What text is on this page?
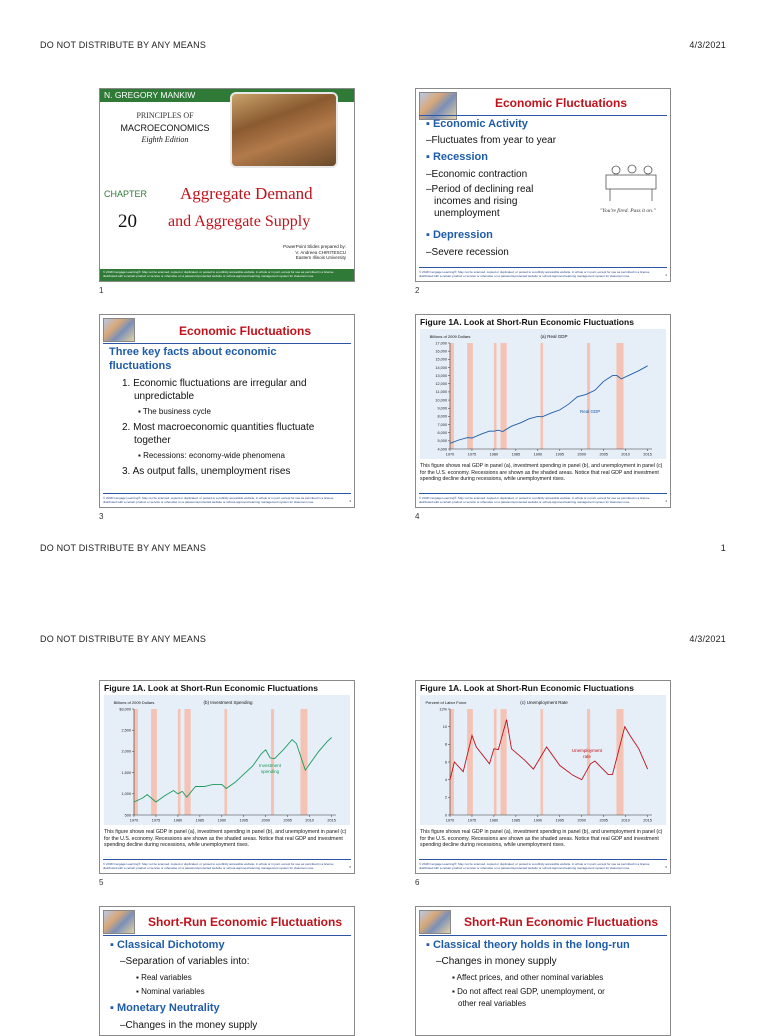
DO NOT DISTRIBUTE BY ANY MEANS	4/3/2021
DO NOT DISTRIBUTE BY ANY MEANS	1
DO NOT DISTRIBUTE BY ANY MEANS	4/3/2021
N. GREGORY MANKIW
PRINCIPLES OF
MACROECONOMICS
Eighth Edition
CHAPTER
20
Aggregate Demand
and Aggregate Supply
PowerPoint Slides prepared by:
V. Andreea CHIRITESCU
Eastern Illinois University
© 2018 Cengage Learning®. May not be scanned, copied or duplicated, or posted to a publicly accessible website, in whole or in part, except for use as permitted in a license distributed with a certain product or service or otherwise on a password-protected website or school-approved learning management system for classroom use.
1
Economic Fluctuations
▪ Economic Activity
–Fluctuates from year to year
▪ Recession
–Economic contraction
–Period of declining real
incomes and rising
unemployment
▪ Depression
–Severe recession
"You're fired. Pass it on."
© 2018 Cengage Learning®. May not be scanned, copied or duplicated, or posted to a publicly accessible website, in whole or in part, except for use as permitted in a license distributed with a certain product or service or otherwise on a password-protected website or school-approved learning management system for classroom use.	2
2
Economic Fluctuations
Three key facts about economic
fluctuations
1. Economic fluctuations are irregular and
unpredictable
▪ The business cycle
2. Most macroeconomic quantities fluctuate
together
▪ Recessions: economy-wide phenomena
3. As output falls, unemployment rises
© 2018 Cengage Learning®. May not be scanned, copied or duplicated, or posted to a publicly accessible website, in whole or in part, except for use as permitted in a license distributed with a certain product or service or otherwise on a password-protected website or school-approved learning management system for classroom use.	3
3
Figure 1A. Look at Short-Run Economic Fluctuations
Billions of 2009 Dollars	(a) Real GDP
Real GDP
17,000
16,000
15,000
14,000
13,000
12,000
11,000
10,000
9,000
8,000
7,000
6,000
5,000
4,000
1970	1975	1980	1985	1990	1995	2000	2005	2010	2015
This figure shows real GDP in panel (a), investment spending in panel (b), and unemployment in panel (c) for the U.S. economy. Recessions are shown as the shaded areas. Notice that real GDP and investment spending decline during recessions, while unemployment rises.
© 2018 Cengage Learning®. May not be scanned, copied or duplicated, or posted to a publicly accessible website, in whole or in part, except for use as permitted in a license distributed with a certain product or service or otherwise on a password-protected website or school-approved learning management system for classroom use.	4
4
Figure 1A. Look at Short-Run Economic Fluctuations
Billions of 2009 Dollars	(b) Investment Spending
Investment
spending
$3,000
2,500
2,000
1,500
1,000
500
1970	1975	1980	1985	1990	1995	2000	2005	2010	2015
This figure shows real GDP in panel (a), investment spending in panel (b), and unemployment in panel (c) for the U.S. economy. Recessions are shown as the shaded areas. Notice that real GDP and investment spending decline during recessions, while unemployment rises.
© 2018 Cengage Learning®. May not be scanned, copied or duplicated, or posted to a publicly accessible website, in whole or in part, except for use as permitted in a license distributed with a certain product or service or otherwise on a password-protected website or school-approved learning management system for classroom use.	5
5
Figure 1A. Look at Short-Run Economic Fluctuations
Percent of Labor Force	(c) Unemployment Rate
Unemployment
rate
12%
10
8
6
4
2
0
1970	1975	1980	1985	1990	1995	2000	2005	2010	2015
This figure shows real GDP in panel (a), investment spending in panel (b), and unemployment in panel (c) for the U.S. economy. Recessions are shown as the shaded areas. Notice that real GDP and investment spending decline during recessions, while unemployment rises.
© 2018 Cengage Learning®. May not be scanned, copied or duplicated, or posted to a publicly accessible website, in whole or in part, except for use as permitted in a license distributed with a certain product or service or otherwise on a password-protected website or school-approved learning management system for classroom use.	6
6
Short-Run Economic Fluctuations
▪ Classical Dichotomy
–Separation of variables into:
▪ Real variables
▪ Nominal variables
▪ Monetary Neutrality
–Changes in the money supply
Short-Run Economic Fluctuations
▪ Classical theory holds in the long-run
–Changes in money supply
▪ Affect prices, and other nominal variables
▪ Do not affect real GDP, unemployment, or
other real variables
